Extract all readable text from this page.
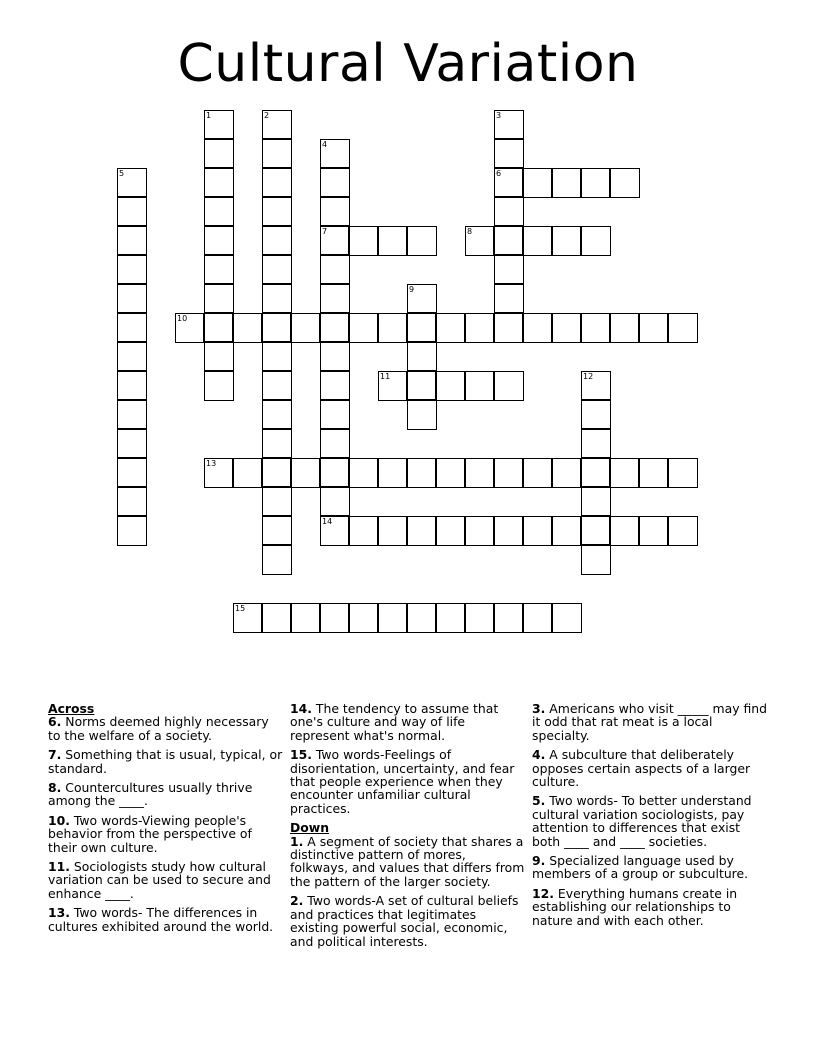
Cultural Variation
1	2	3
6
4
7
14
5
8
9
10
11	12
13
15
Across
6. Norms deemed highly necessary to the welfare of a society.
7. Something that is usual, typical, or standard.
8. Countercultures usually thrive among the ____.
10. Two words-Viewing people's behavior from the perspective of their own culture.
11. Sociologists study how cultural variation can be used to secure and enhance ____.
13. Two words- The differences in cultures exhibited around the world.
14. The tendency to assume that one's culture and way of life represent what's normal.
15. Two words-Feelings of disorientation, uncertainty, and fear that people experience when they encounter unfamiliar cultural practices.
Down
1. A segment of society that shares a distinctive pattern of mores, folkways, and values that differs from the pattern of the larger society.
2. Two words-A set of cultural beliefs and practices that legitimates existing powerful social, economic, and political interests.
3. Americans who visit _____ may find it odd that rat meat is a local specialty.
4. A subculture that deliberately opposes certain aspects of a larger culture.
5. Two words- To better understand cultural variation sociologists, pay attention to differences that exist both ____ and ____ societies.
9. Specialized language used by members of a group or subculture.
12. Everything humans create in establishing our relationships to nature and with each other.
